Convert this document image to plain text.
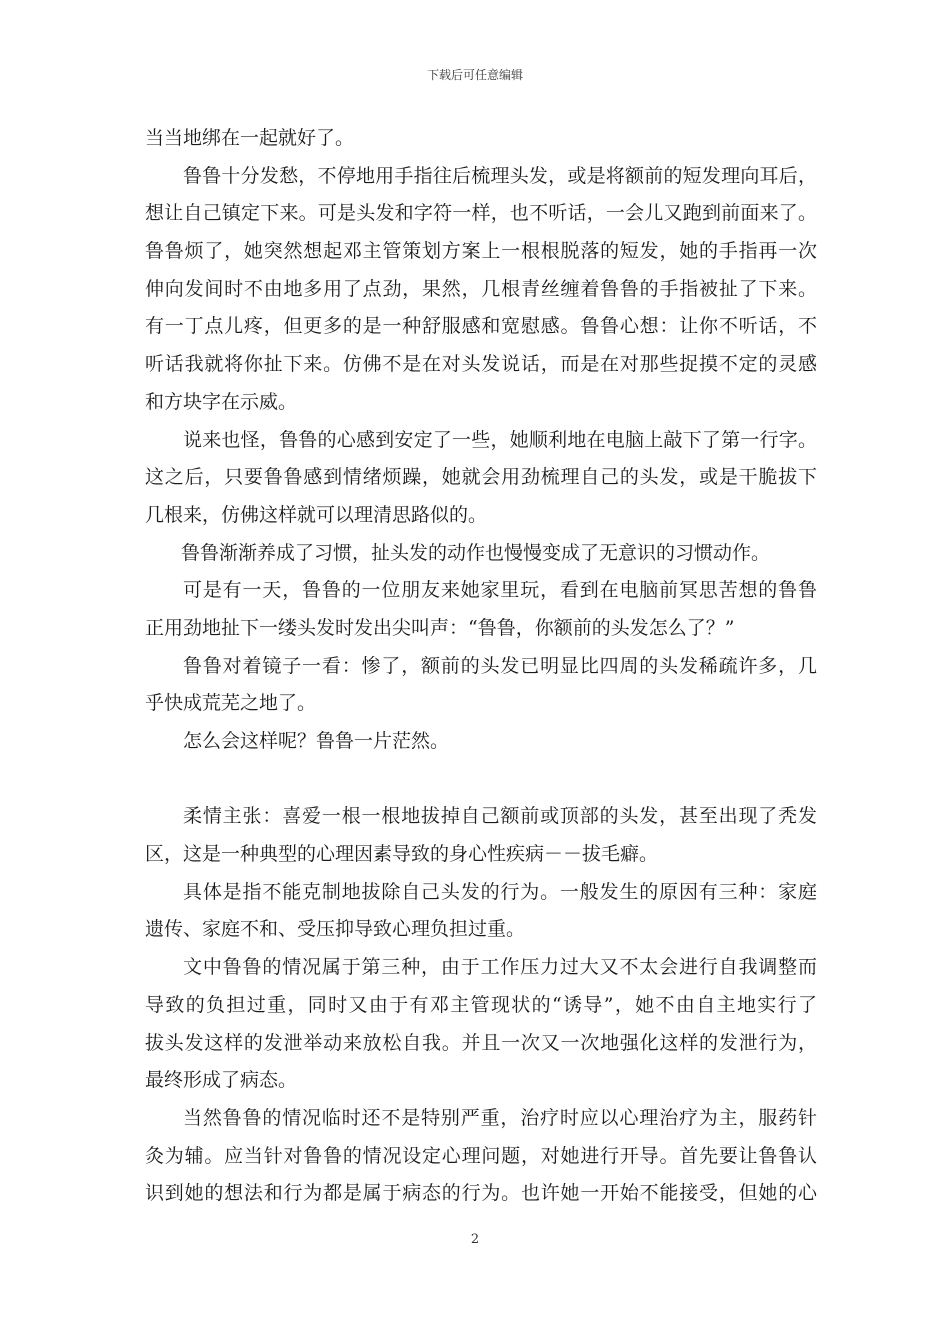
下载后可任意编辑
当当地绑在一起就好了。
鲁鲁十分发愁，不停地用手指往后梳理头发，或是将额前的短发理向耳后，
想让自己镇定下来。可是头发和字符一样，也不听话，一会儿又跑到前面来了。
鲁鲁烦了，她突然想起邓主管策划方案上一根根脱落的短发，她的手指再一次
伸向发间时不由地多用了点劲，果然，几根青丝缠着鲁鲁的手指被扯了下来。
有一丁点儿疼，但更多的是一种舒服感和宽慰感。鲁鲁心想：让你不听话，不
听话我就将你扯下来。仿佛不是在对头发说话，而是在对那些捉摸不定的灵感
和方块字在示威。
说来也怪，鲁鲁的心感到安定了一些，她顺利地在电脑上敲下了第一行字。
这之后，只要鲁鲁感到情绪烦躁，她就会用劲梳理自己的头发，或是干脆拔下
几根来，仿佛这样就可以理清思路似的。
鲁鲁渐渐养成了习惯，扯头发的动作也慢慢变成了无意识的习惯动作。
可是有一天，鲁鲁的一位朋友来她家里玩，看到在电脑前冥思苦想的鲁鲁
正用劲地扯下一缕头发时发出尖叫声：“鲁鲁，你额前的头发怎么了？”
鲁鲁对着镜子一看：惨了，额前的头发已明显比四周的头发稀疏许多，几
乎快成荒芜之地了。
怎么会这样呢？鲁鲁一片茫然。
柔情主张：喜爱一根一根地拔掉自己额前或顶部的头发，甚至出现了秃发
区，这是一种典型的心理因素导致的身心性疾病－－拔毛癖。
具体是指不能克制地拔除自己头发的行为。一般发生的原因有三种：家庭
遗传、家庭不和、受压抑导致心理负担过重。
文中鲁鲁的情况属于第三种，由于工作压力过大又不太会进行自我调整而
导致的负担过重，同时又由于有邓主管现状的“诱导”，她不由自主地实行了
拔头发这样的发泄举动来放松自我。并且一次又一次地强化这样的发泄行为，
最终形成了病态。
当然鲁鲁的情况临时还不是特别严重，治疗时应以心理治疗为主，服药针
灸为辅。应当针对鲁鲁的情况设定心理问题，对她进行开导。首先要让鲁鲁认
识到她的想法和行为都是属于病态的行为。也许她一开始不能接受，但她的心
2
